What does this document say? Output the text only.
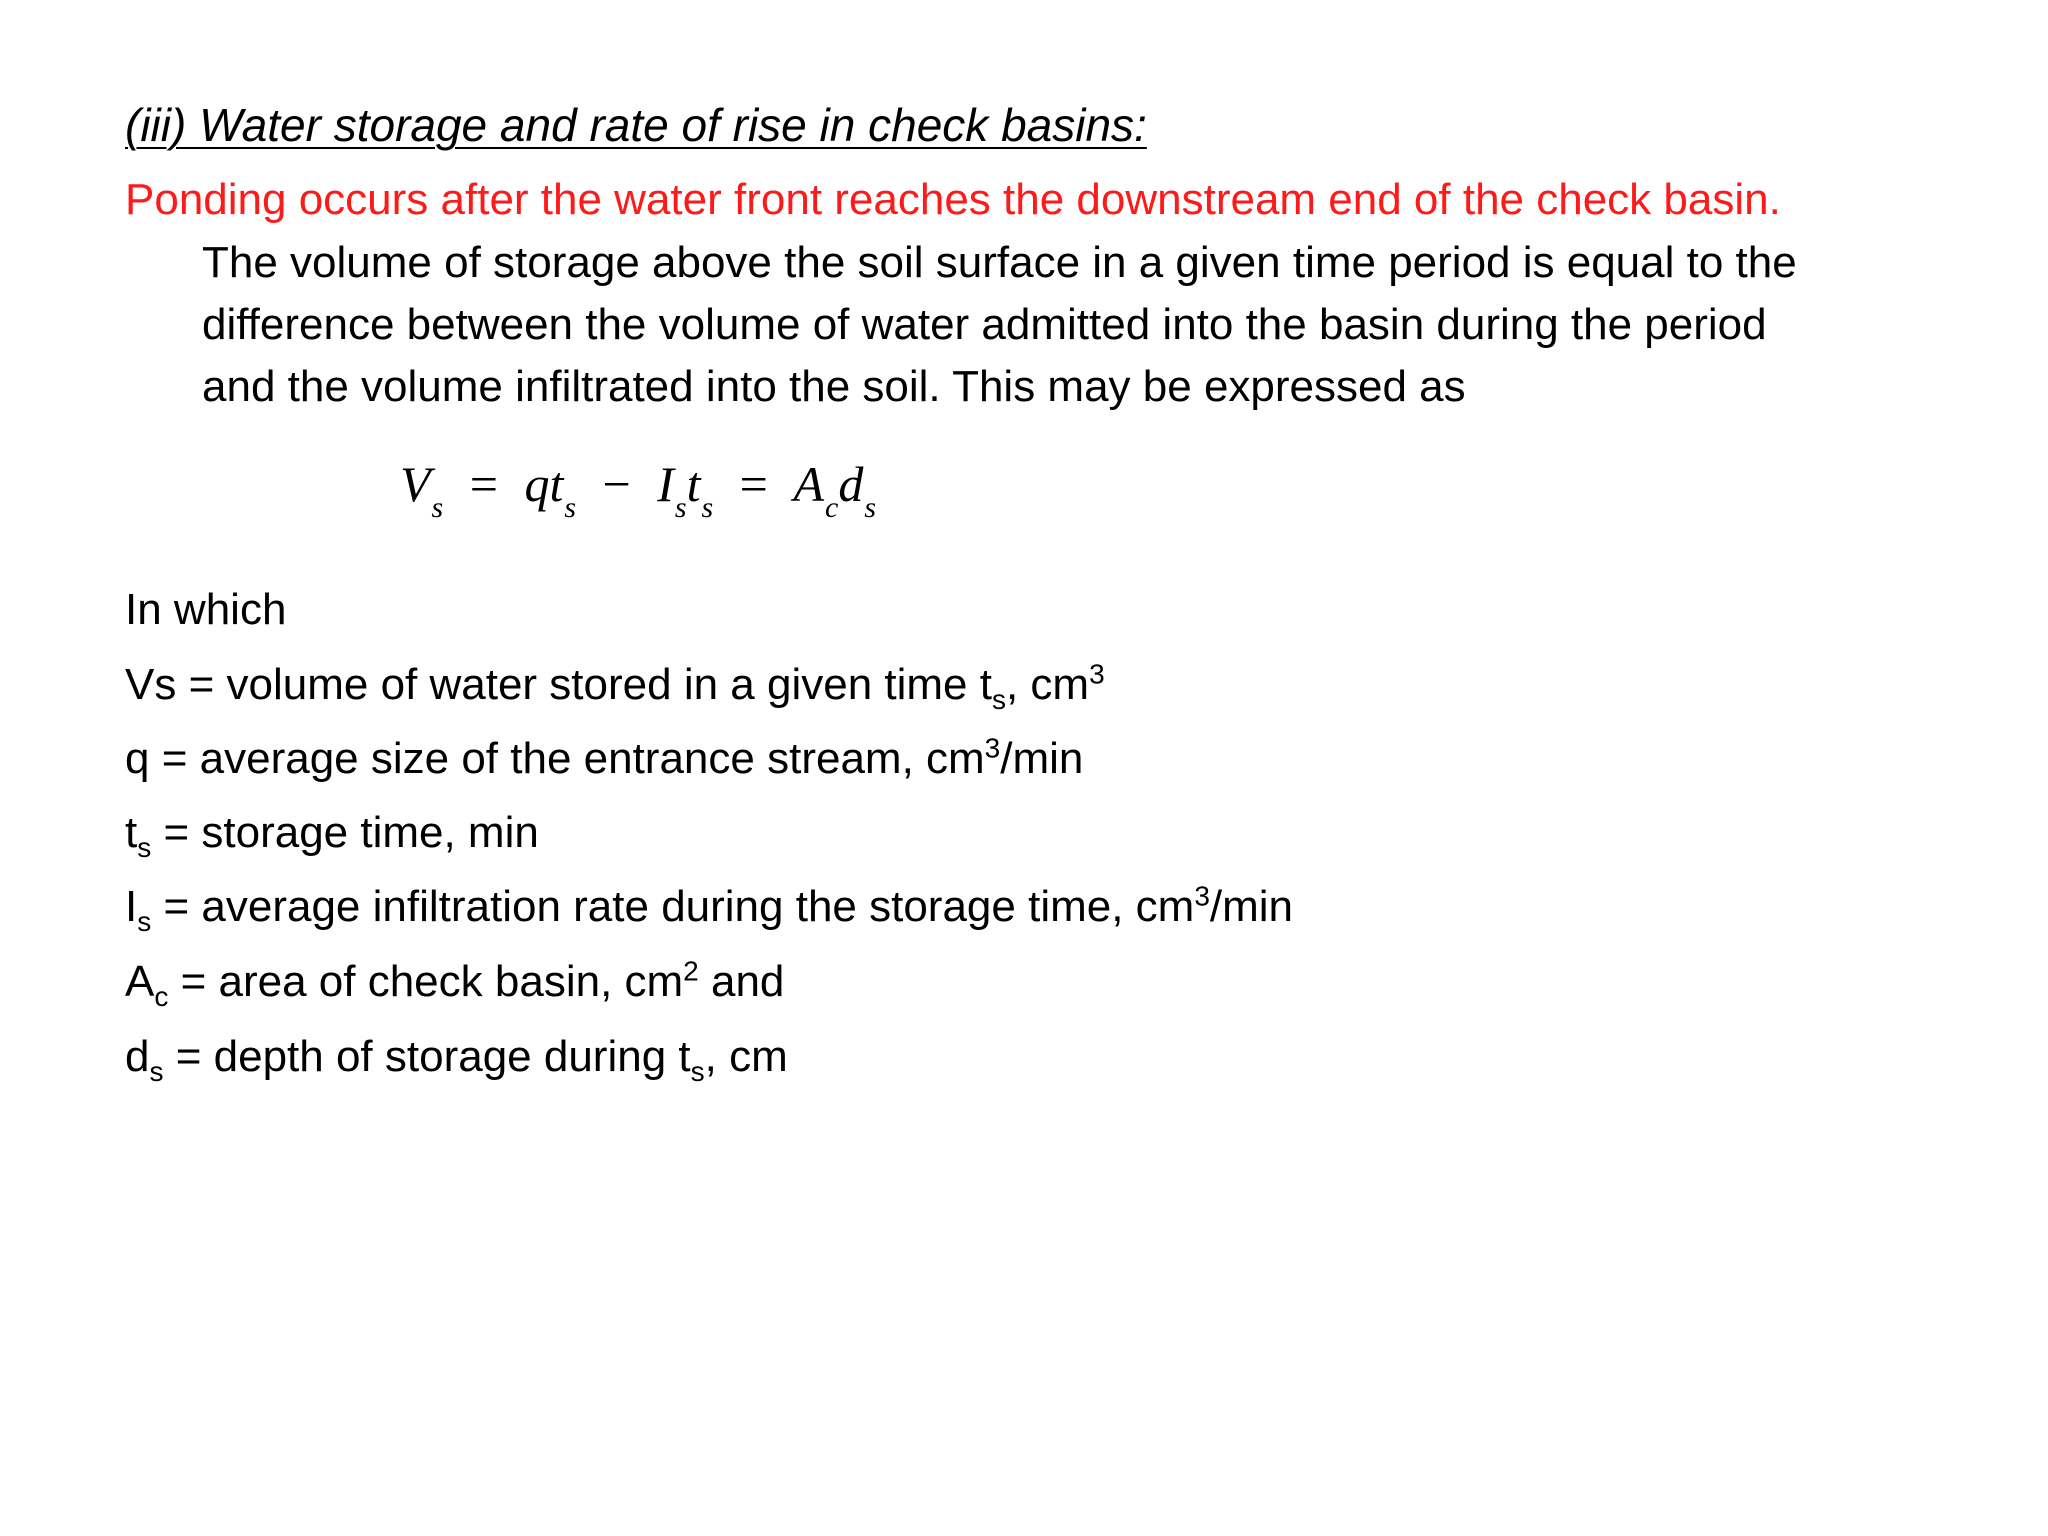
(iii) Water storage and rate of rise in check basins:
Ponding occurs after the water front reaches the downstream end of the check basin.
The volume of storage above the soil surface in a given time period is equal to the
difference between the volume of water admitted into the basin during the period
and the volume infiltrated into the soil. This may be expressed as
$V_s = qt_s - I_st_s = A_cd_s$
In which
Vs = volume of water stored in a given time $t_s$, $cm^3$
q = average size of the entrance stream, $cm^3/\min$
$t_s$ = storage time, min
$I_s$ = average infiltration rate during the storage time, $cm^3/\min$
$A_c$ = area of check basin, $cm^2$ and
$d_s$ = depth of storage during $t_s$, cm
